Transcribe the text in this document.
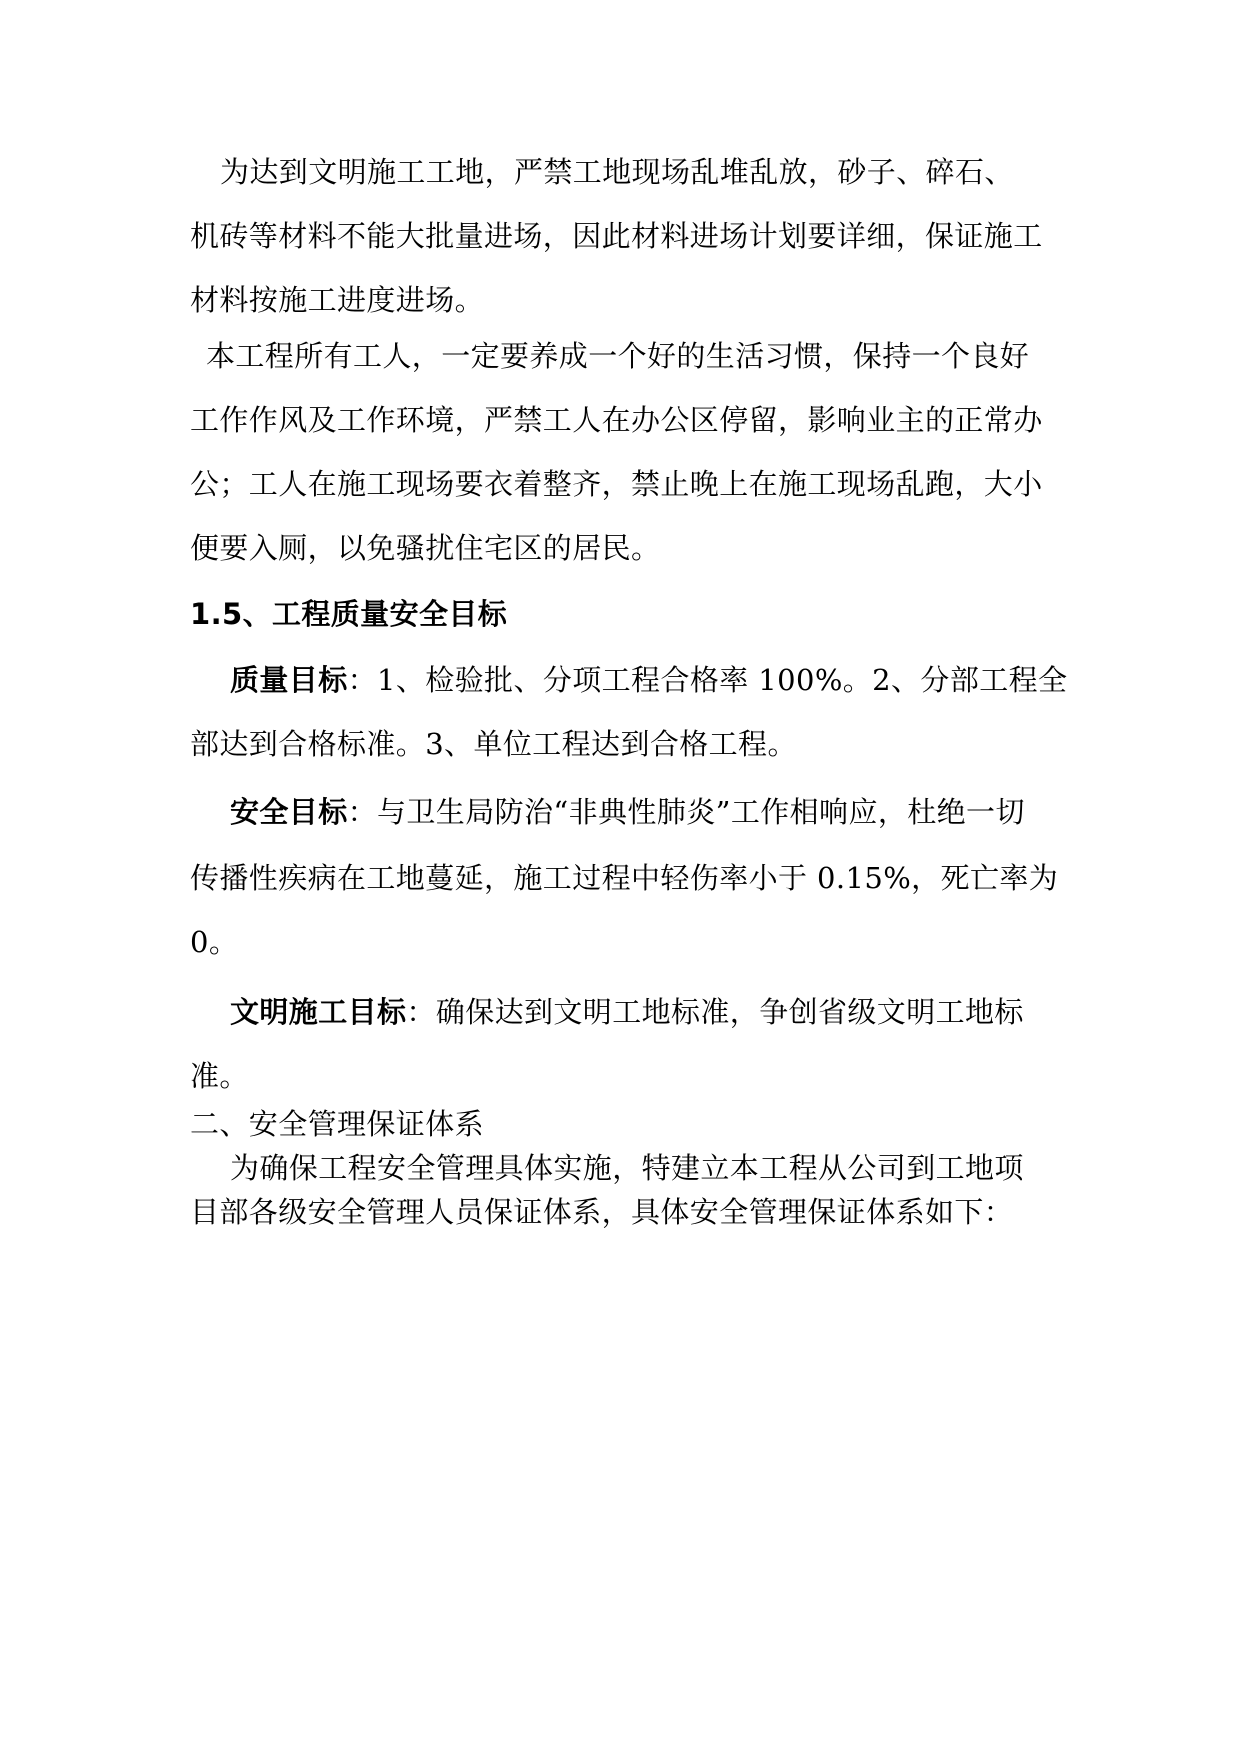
为达到文明施工工地，严禁工地现场乱堆乱放，砂子、碎石、
机砖等材料不能大批量进场，因此材料进场计划要详细，保证施工
材料按施工进度进场。
本工程所有工人，一定要养成一个好的生活习惯，保持一个良好
工作作风及工作环境，严禁工人在办公区停留，影响业主的正常办
公；工人在施工现场要衣着整齐，禁止晚上在施工现场乱跑，大小
便要入厕，以免骚扰住宅区的居民。
1.5、工程质量安全目标
质量目标：1、检验批、分项工程合格率 100%。2、分部工程全
部达到合格标准。3、单位工程达到合格工程。
安全目标：与卫生局防治“非典性肺炎”工作相响应，杜绝一切
传播性疾病在工地蔓延，施工过程中轻伤率小于 0.15%，死亡率为
0。
文明施工目标：确保达到文明工地标准，争创省级文明工地标
准。
二、安全管理保证体系
为确保工程安全管理具体实施，特建立本工程从公司到工地项
目部各级安全管理人员保证体系，具体安全管理保证体系如下：
